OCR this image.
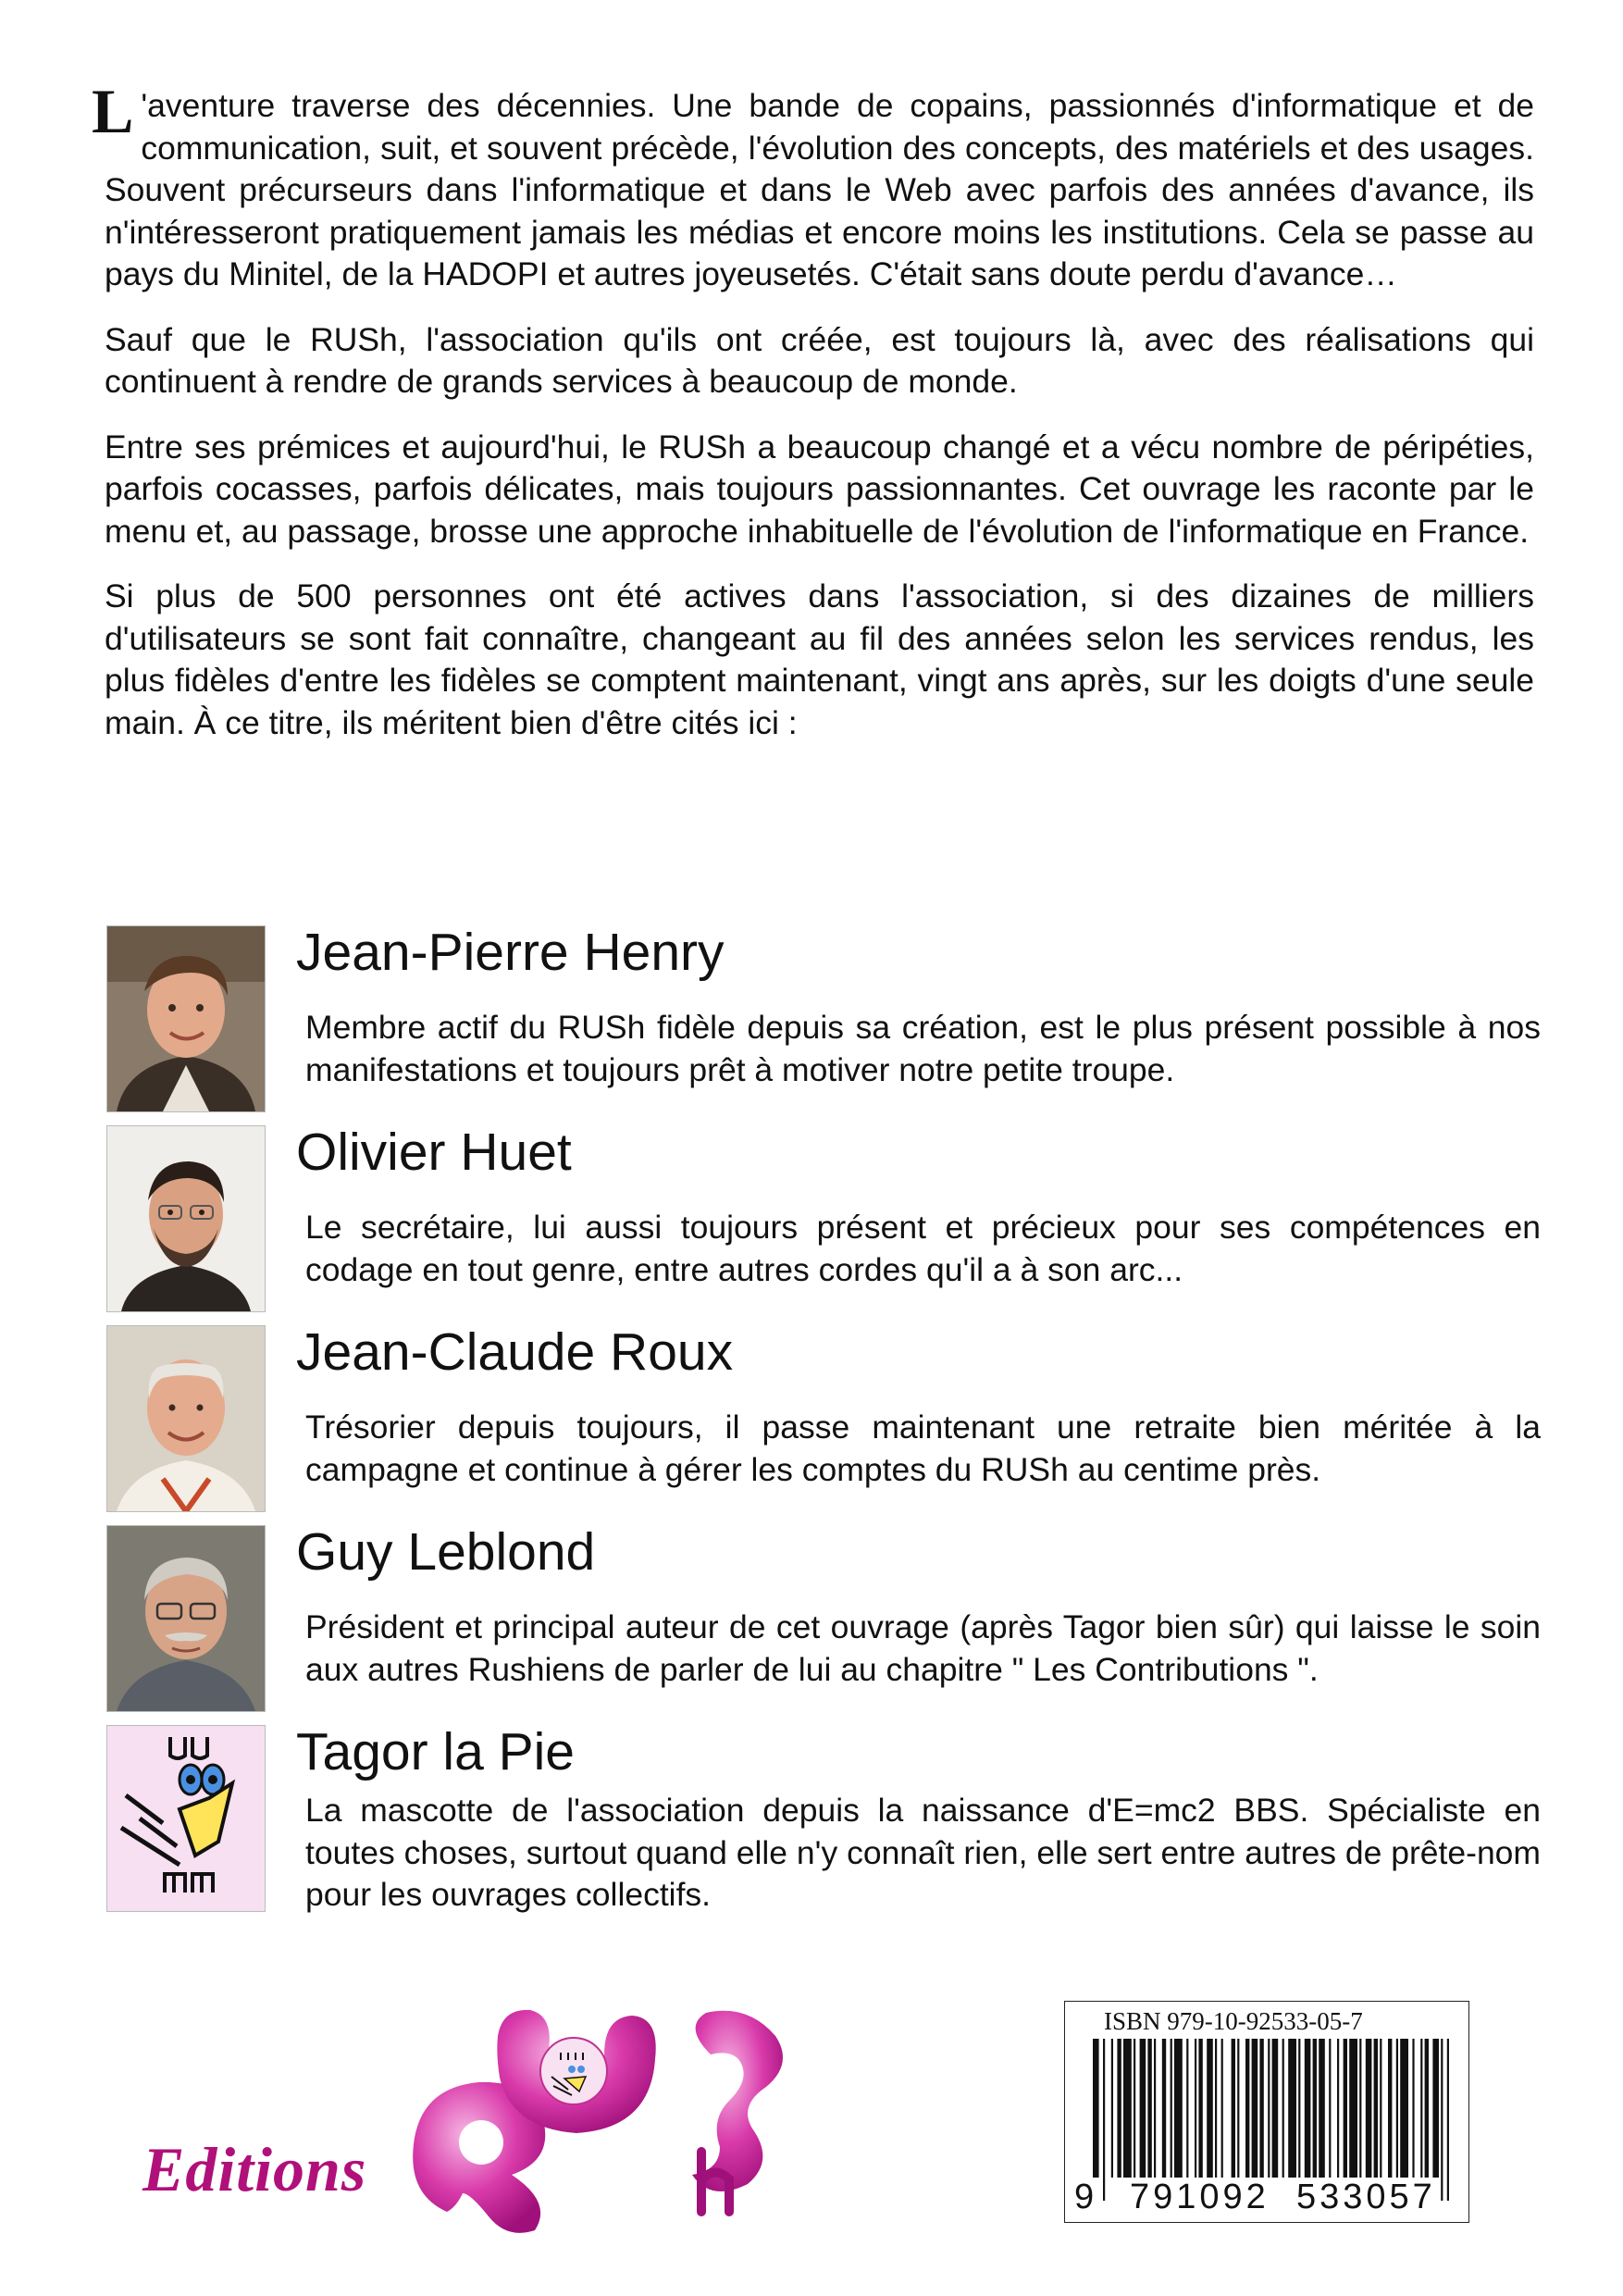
L 'aventure traverse des décennies. Une bande de copains, passionnés d'informatique et de communication, suit, et souvent précède, l'évolution des concepts, des matériels et des usages. Souvent précurseurs dans l'informatique et dans le Web avec parfois des années d'avance, ils n'intéresseront pratiquement jamais les médias et encore moins les institutions. Cela se passe au pays du Minitel, de la HADOPI et autres joyeusetés. C'était sans doute perdu d'avance…

Sauf que le RUSh, l'association qu'ils ont créée, est toujours là, avec des réalisations qui continuent à rendre de grands services à beaucoup de monde.

Entre ses prémices et aujourd'hui, le RUSh a beaucoup changé et a vécu nombre de péripéties, parfois cocasses, parfois délicates, mais toujours passionnantes. Cet ouvrage les raconte par le menu et, au passage, brosse une approche inhabituelle de l'évolution de l'informatique en France.

Si plus de 500 personnes ont été actives dans l'association, si des dizaines de milliers d'utilisateurs se sont fait connaître, changeant au fil des années selon les services rendus, les plus fidèles d'entre les fidèles se comptent maintenant, vingt ans après, sur les doigts d'une seule main. À ce titre, ils méritent bien d'être cités ici :

Jean-Pierre Henry
Membre actif du RUSh fidèle depuis sa création, est le plus présent possible à nos manifestations et toujours prêt à motiver notre petite troupe.
Olivier Huet
Le secrétaire, lui aussi toujours présent et précieux pour ses compétences en codage en tout genre, entre autres cordes qu'il a à son arc...
Jean-Claude Roux
Trésorier depuis toujours, il passe maintenant une retraite bien méritée à la campagne et continue à gérer les comptes du RUSh au centime près.
Guy Leblond
Président et principal auteur de cet ouvrage (après Tagor bien sûr) qui laisse le soin aux autres Rushiens de parler de lui au chapitre " Les Contributions ".
Tagor la Pie
La mascotte de l'association depuis la naissance d'E=mc2 BBS. Spécialiste en toutes choses, surtout quand elle n'y connaît rien, elle sert entre autres de prête-nom pour les ouvrages collectifs.
Editions
ISBN 979-10-92533-05-7
9 791092 533057
